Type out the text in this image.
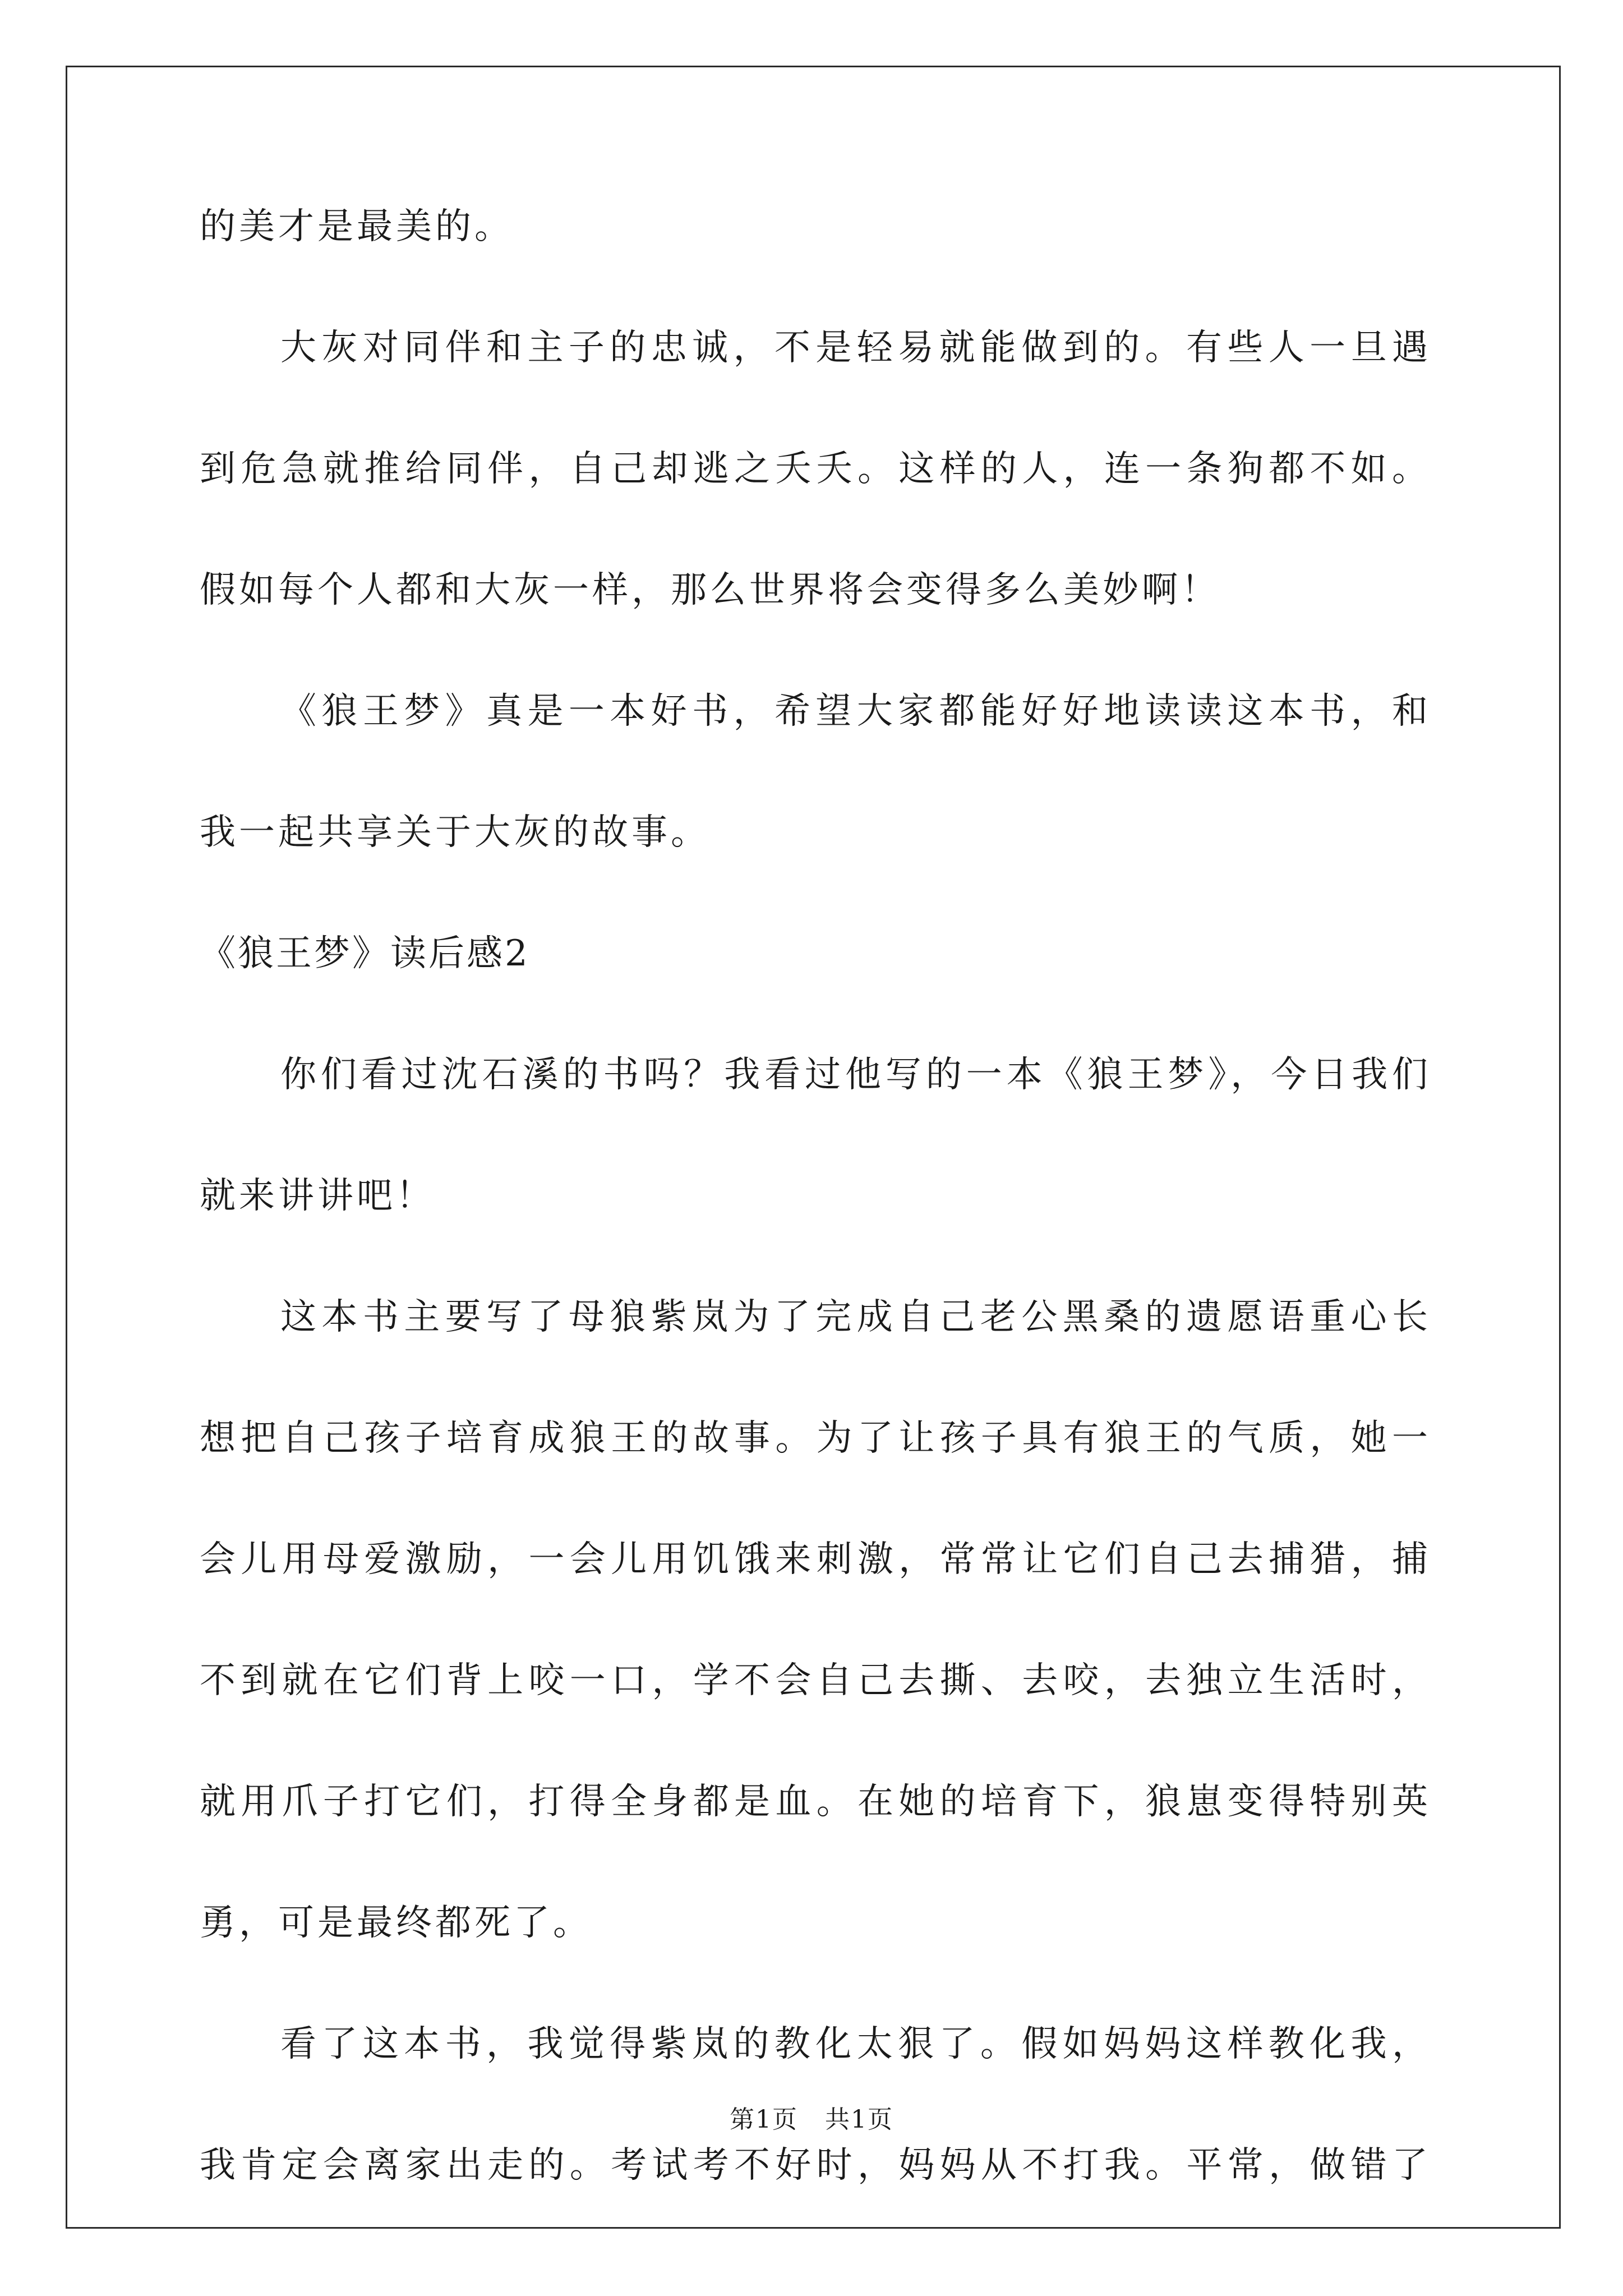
的美才是最美的。
大灰对同伴和主子的忠诚，不是轻易就能做到的。有些人一旦遇
到危急就推给同伴，自己却逃之夭夭。这样的人，连一条狗都不如。
假如每个人都和大灰一样，那么世界将会变得多么美妙啊！
《狼王梦》真是一本好书，希望大家都能好好地读读这本书，和
我一起共享关于大灰的故事。
《狼王梦》读后感2
你们看过沈石溪的书吗？我看过他写的一本《狼王梦》，今日我们
就来讲讲吧！
这本书主要写了母狼紫岚为了完成自己老公黑桑的遗愿语重心长
想把自己孩子培育成狼王的故事。为了让孩子具有狼王的气质，她一
会儿用母爱激励，一会儿用饥饿来刺激，常常让它们自己去捕猎，捕
不到就在它们背上咬一口，学不会自己去撕、去咬，去独立生活时，
就用爪子打它们，打得全身都是血。在她的培育下，狼崽变得特别英
勇，可是最终都死了。
看了这本书，我觉得紫岚的教化太狠了。假如妈妈这样教化我，
我肯定会离家出走的。考试考不好时，妈妈从不打我。平常，做错了
第1页 共1页
